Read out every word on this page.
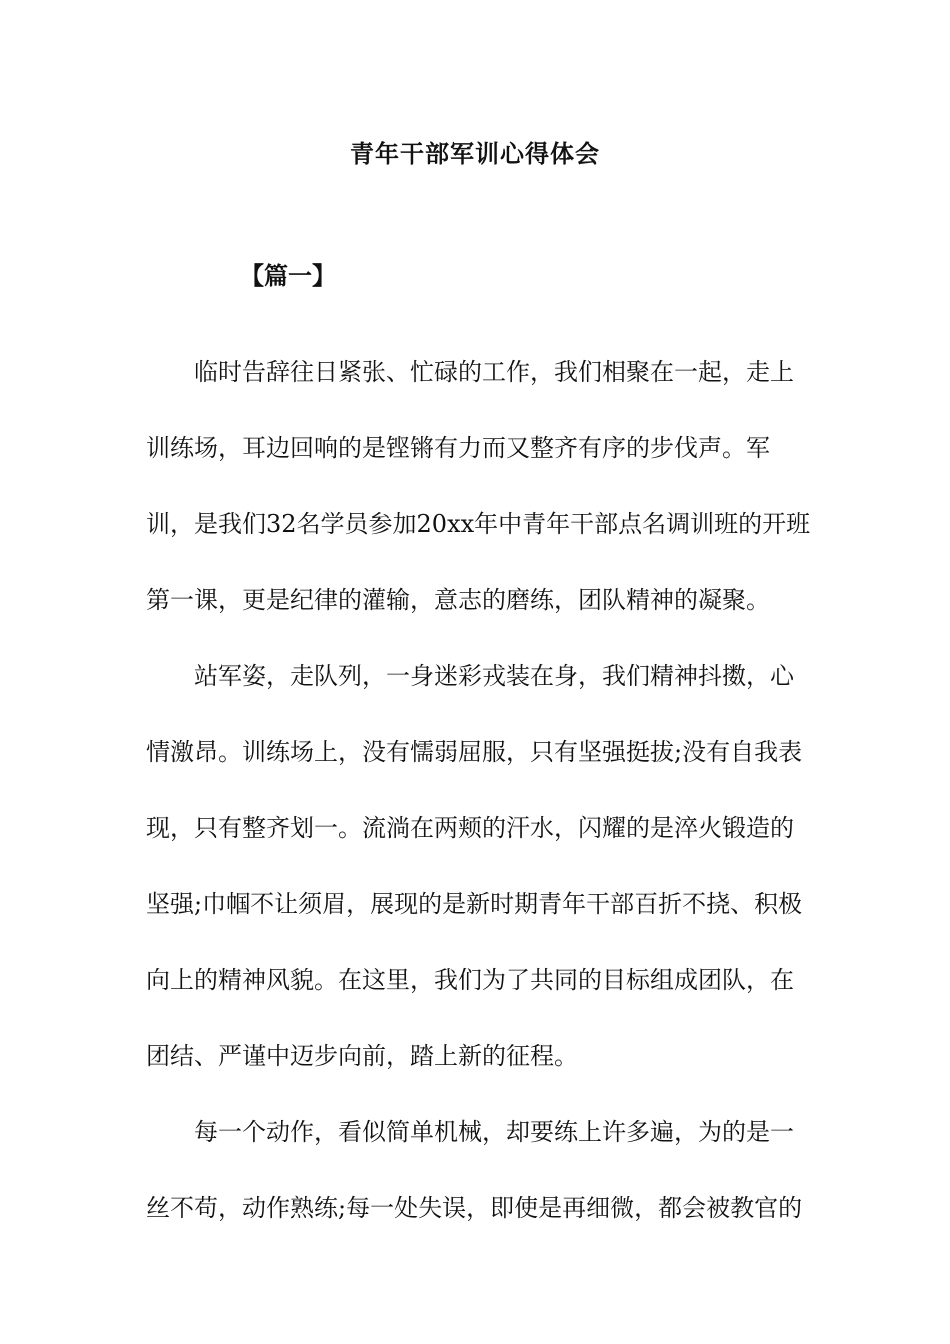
青年干部军训心得体会
【篇一】

临时告辞往日紧张、忙碌的工作，我们相聚在一起，走上训练场，耳边回响的是铿锵有力而又整齐有序的步伐声。军训，是我们32名学员参加20xx年中青年干部点名调训班的开班第一课，更是纪律的灌输，意志的磨练，团队精神的凝聚。

站军姿，走队列，一身迷彩戎装在身，我们精神抖擞，心情激昂。训练场上，没有懦弱屈服，只有坚强挺拔;没有自我表现，只有整齐划一。流淌在两颊的汗水，闪耀的是淬火锻造的坚强;巾帼不让须眉，展现的是新时期青年干部百折不挠、积极向上的精神风貌。在这里，我们为了共同的目标组成团队，在团结、严谨中迈步向前，踏上新的征程。

每一个动作，看似简单机械，却要练上许多遍，为的是一丝不苟，动作熟练;每一处失误，即使是再细微，都会被教官的
